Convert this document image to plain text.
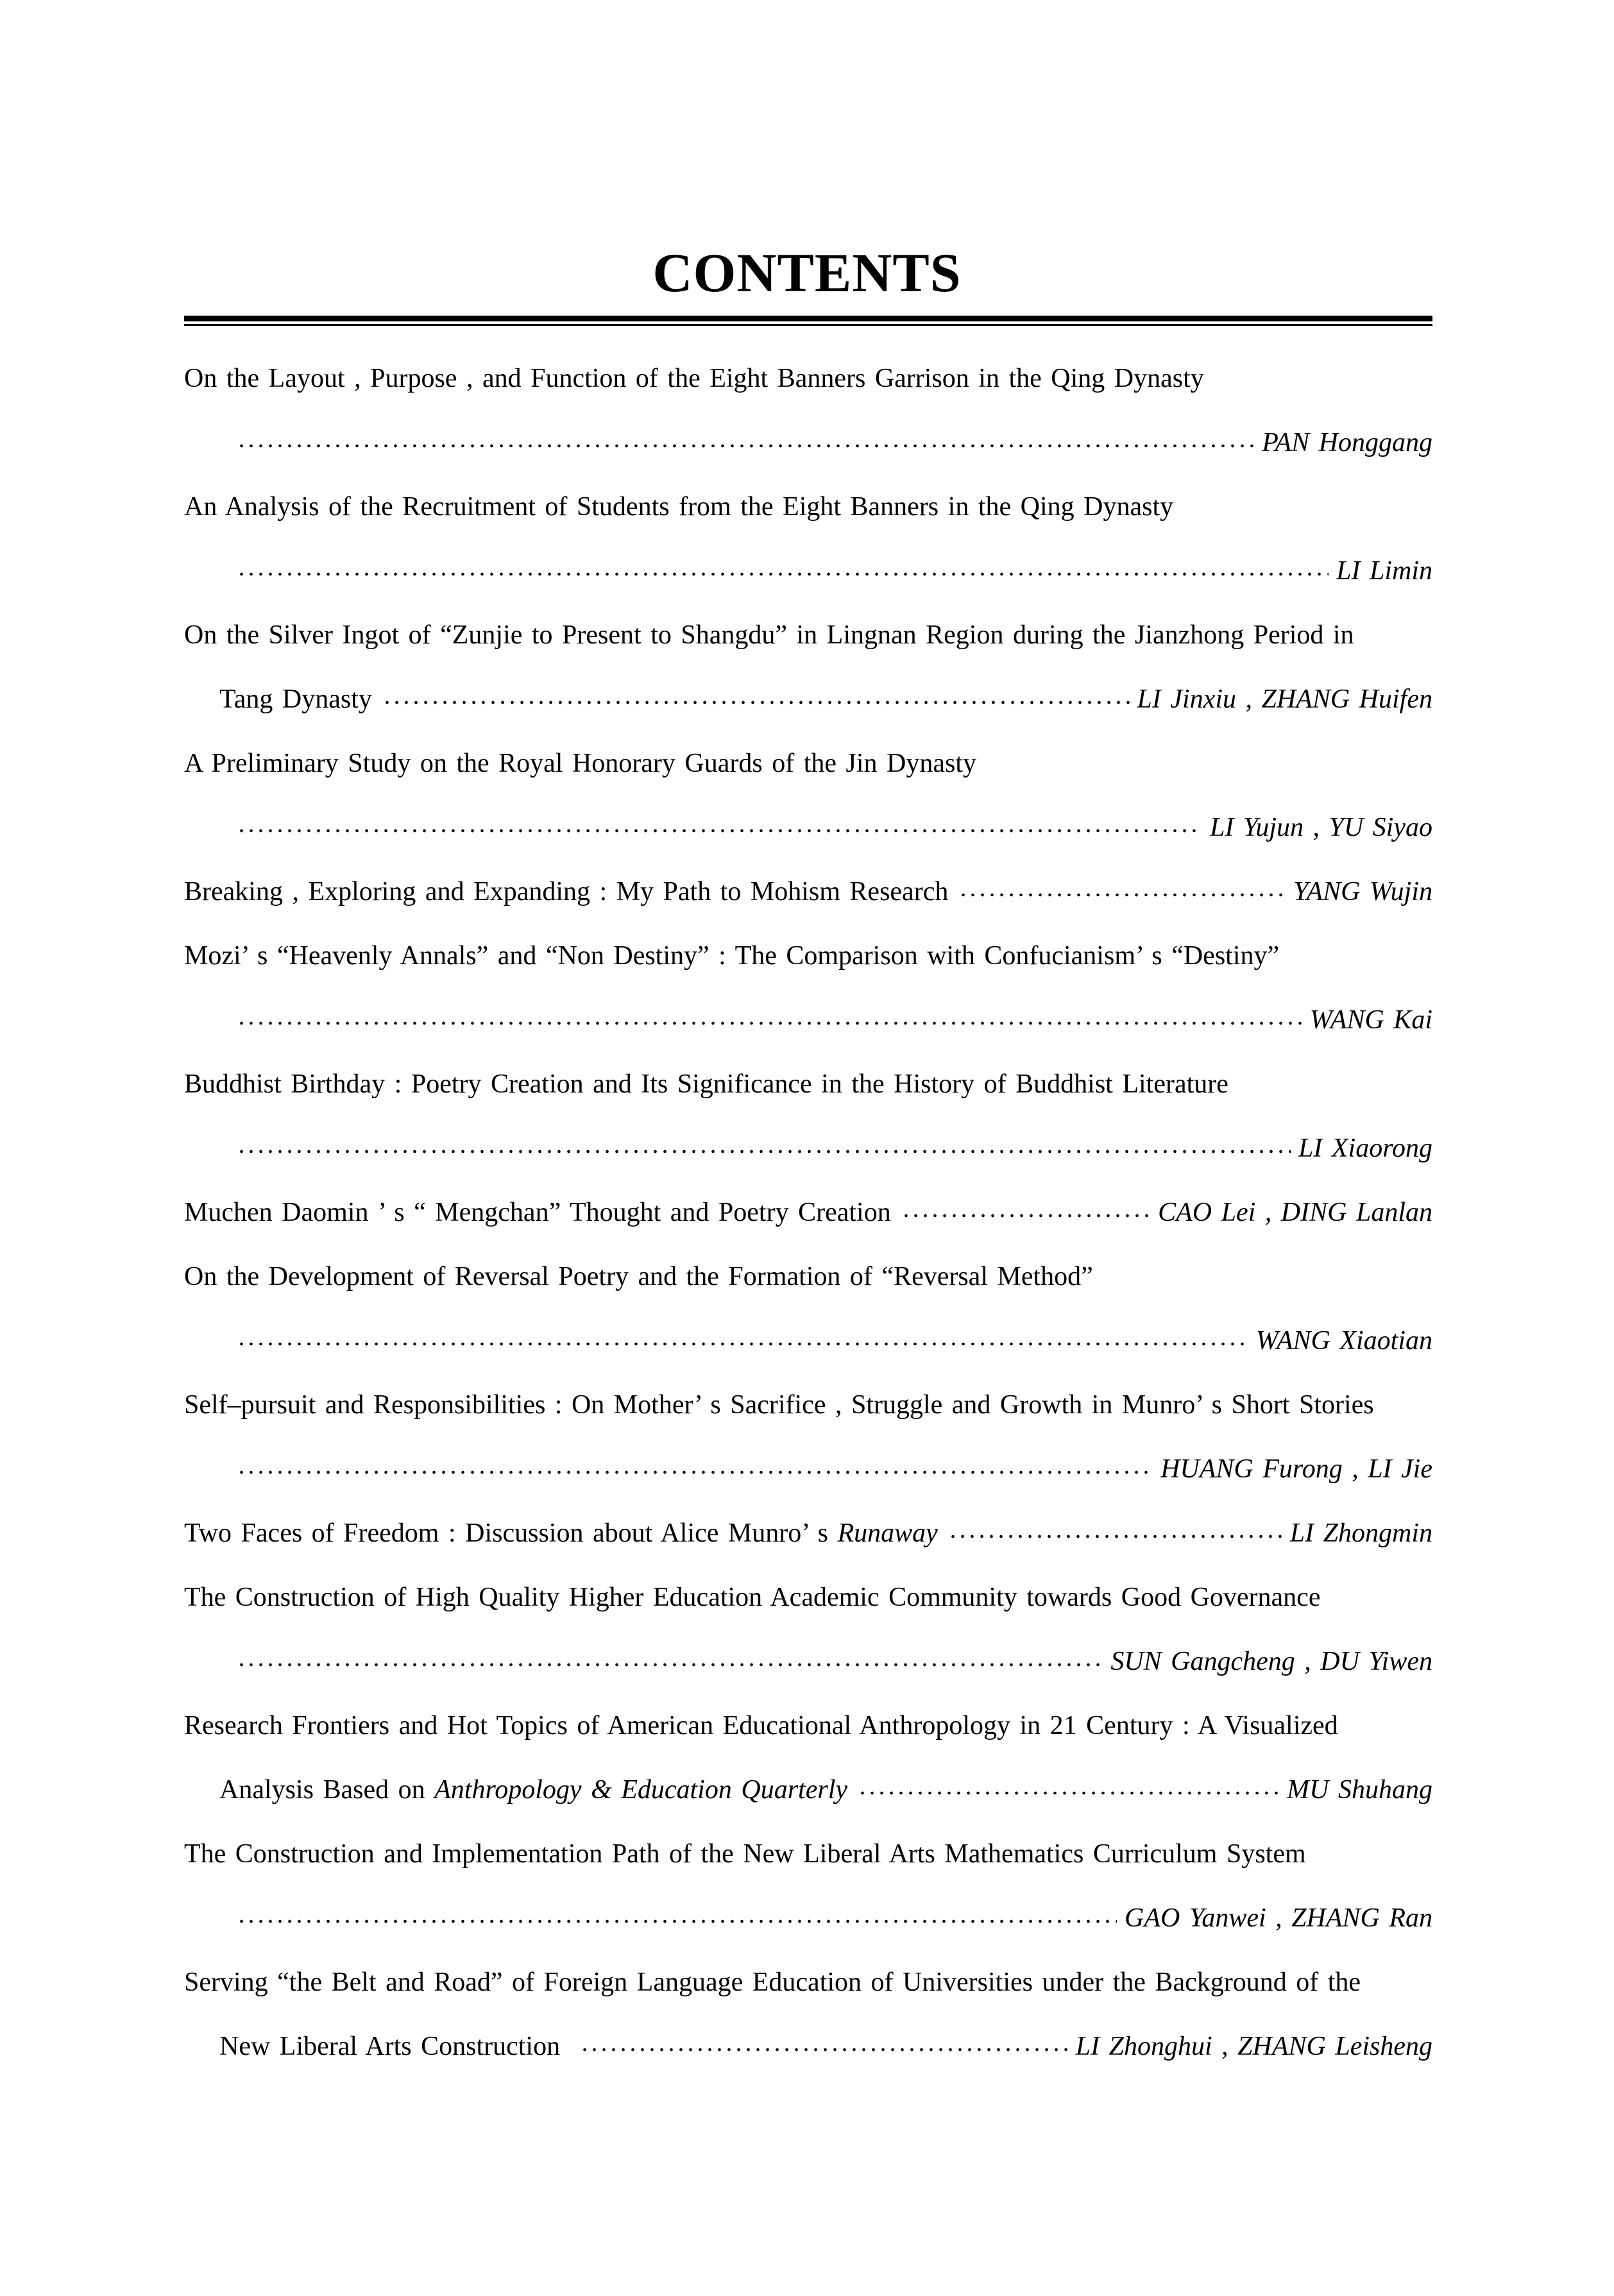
CONTENTS
On the Layout , Purpose , and Function of the Eight Banners Garrison in the Qing Dynasty
PAN Honggang
An Analysis of the Recruitment of Students from the Eight Banners in the Qing Dynasty
LI Limin
On the Silver Ingot of “Zunjie to Present to Shangdu” in Lingnan Region during the Jianzhong Period in
Tang Dynasty	LI Jinxiu , ZHANG Huifen
A Preliminary Study on the Royal Honorary Guards of the Jin Dynasty
LI Yujun , YU Siyao
Breaking , Exploring and Expanding : My Path to Mohism Research	YANG Wujin
Mozi’ s “Heavenly Annals” and “Non Destiny” : The Comparison with Confucianism’ s “Destiny”
WANG Kai
Buddhist Birthday : Poetry Creation and Its Significance in the History of Buddhist Literature
LI Xiaorong
Muchen Daomin ’ s “ Mengchan” Thought and Poetry Creation	CAO Lei , DING Lanlan
On the Development of Reversal Poetry and the Formation of “Reversal Method”
WANG Xiaotian
Self–pursuit and Responsibilities : On Mother’ s Sacrifice , Struggle and Growth in Munro’ s Short Stories
HUANG Furong , LI Jie
Two Faces of Freedom : Discussion about Alice Munro’ s Runaway	LI Zhongmin
The Construction of High Quality Higher Education Academic Community towards Good Governance
SUN Gangcheng , DU Yiwen
Research Frontiers and Hot Topics of American Educational Anthropology in 21 Century : A Visualized
Analysis Based on Anthropology & Education Quarterly	MU Shuhang
The Construction and Implementation Path of the New Liberal Arts Mathematics Curriculum System
GAO Yanwei , ZHANG Ran
Serving “the Belt and Road” of Foreign Language Education of Universities under the Background of the
New Liberal Arts Construction	LI Zhonghui , ZHANG Leisheng
